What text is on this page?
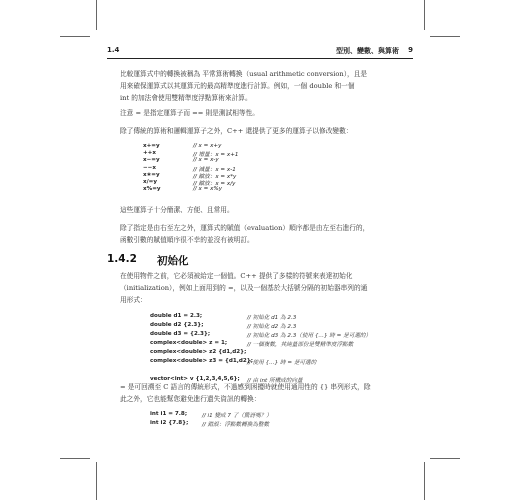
1.4	型別、變數、與算術 9
比較運算式中的轉換被稱為 平常算術轉換（usual arithmetic conversion），且是
用來確保運算式以其運算元的最高精準度進行計算。例如，一個 double 和一個
int 的加法會使用雙精準度浮點算術來計算。
注意 = 是指定運算子而 == 則是測試相等性。
除了傳統的算術和邏輯運算子之外，C++ 還提供了更多的運算子以修改變數：
x+=y	// x = x+y
++x	// 增量：x = x+1
x−=y	// x = x-y
−−x	// 減量：x = x-1
x∗=y	// 縮放：x = x*y
x/=y	// 縮放：x = x/y
x%=y	// x = x%y
這些運算子十分簡潔、方便、且常用。
除了指定是由右至左之外，運算式的賦值（evaluation）順序都是由左至右進行的，
函數引數的賦值順序很不幸的並沒有被明訂。
1.4.2 初始化
在使用物件之前，它必須被給定一個值。C++ 提供了多樣的符號來表達初始化
（initialization），例如上面用到的 =，以及一個基於大括號分隔的初始器串列的通
用形式：
double d1 = 2.3;	// 初始化 d1 為 2.3
double d2 {2.3};	// 初始化 d2 為 2.3
double d3 = {2.3};	// 初始化 d3 為 2.3（使用 {…} 時 = 是可選的）
complex<double> z = 1;	// 一個複數，其純量部份是雙精準度浮點數
complex<double> z2 {d1,d2};
complex<double> z3 = {d1,d2};
// 使用 {…} 時 = 是可選的
vector<int> v {1,2,3,4,5,6}; // 由 int 所構成的向量
= 是可回溯至 C 語言的傳統形式，不過感到困擾時就使用通用性的 {} 串列形式，除
此之外，它也能幫您避免進行遺失資訊的轉換：
int i1 = 7.8;	// i1 變成 7 了（驚訝嗎？）
int i2 {7.8}; // 錯誤：浮點數轉換為整數
